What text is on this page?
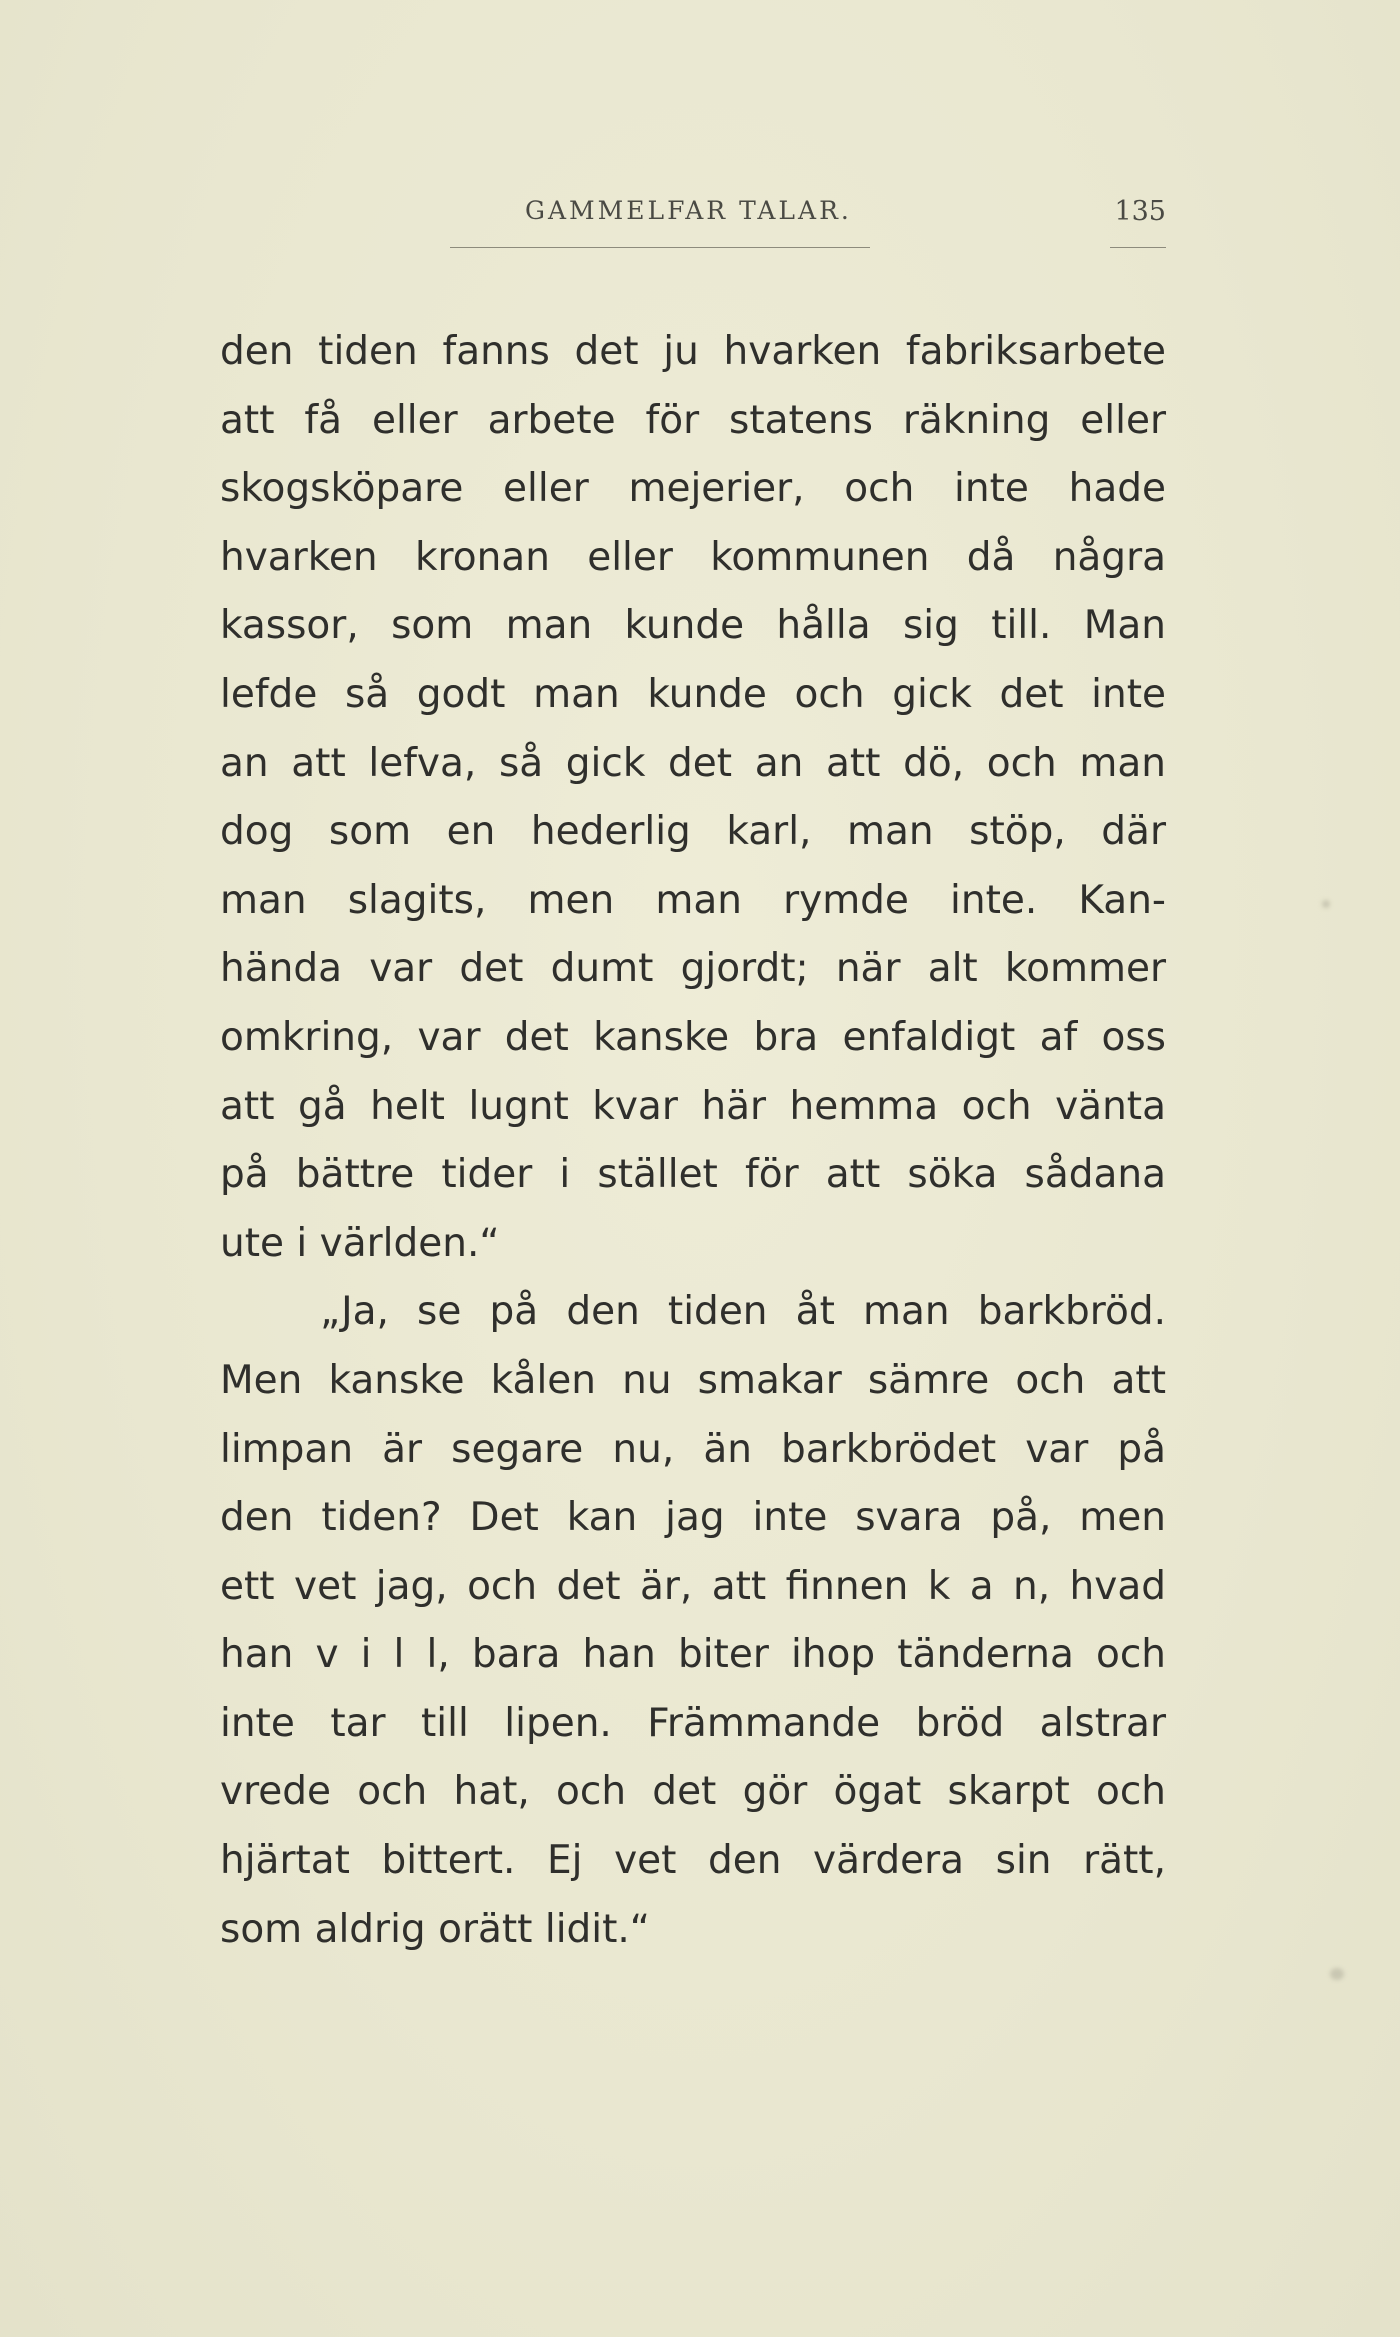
GAMMELFAR TALAR.	135
den tiden fanns det ju hvarken fabriksarbete
att få eller arbete för statens räkning eller
skogsköpare eller mejerier, och inte hade
hvarken kronan eller kommunen då några
kassor, som man kunde hålla sig till. Man
lefde så godt man kunde och gick det inte
an att lefva, så gick det an att dö, och man
dog som en hederlig karl, man stöp, där
man slagits, men man rymde inte. Kan-
hända var det dumt gjordt; när alt kommer
omkring, var det kanske bra enfaldigt af oss
att gå helt lugnt kvar här hemma och vänta
på bättre tider i stället för att söka sådana
ute i världen.“
„Ja, se på den tiden åt man barkbröd.
Men kanske kålen nu smakar sämre och att
limpan är segare nu, än barkbrödet var på
den tiden? Det kan jag inte svara på, men
ett vet jag, och det är, att finnen k a n, hvad
han v i l l, bara han biter ihop tänderna och
inte tar till lipen. Främmande bröd alstrar
vrede och hat, och det gör ögat skarpt och
hjärtat bittert. Ej vet den värdera sin rätt,
som aldrig orätt lidit.“
